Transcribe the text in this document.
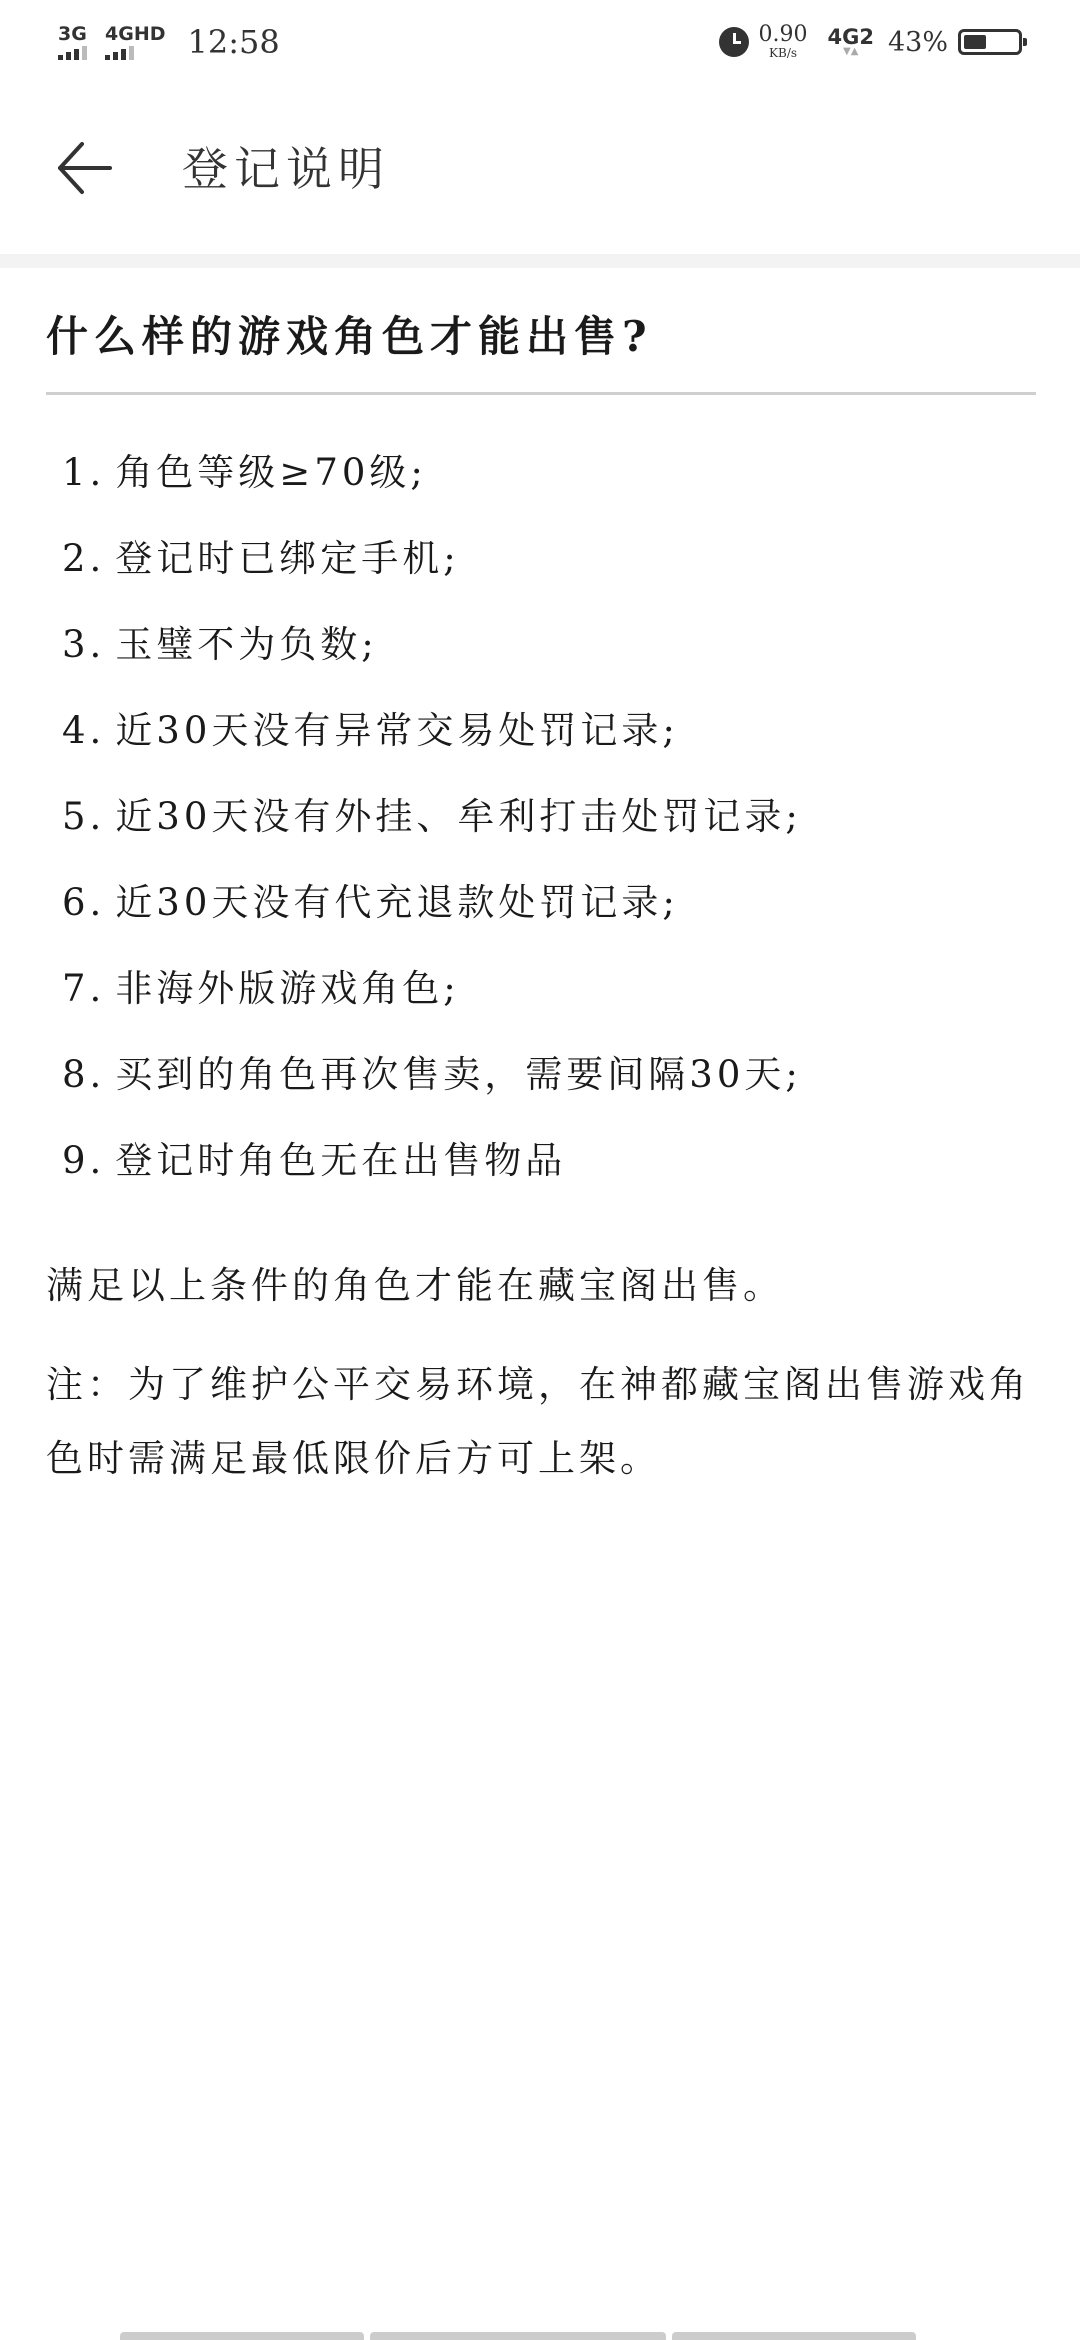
3G 4GHD 12:58	0.90
KB/s
4G2
▼▲ 43%
登记说明
什么样的游戏角色才能出售?
1. 角色等级≥70级;
2. 登记时已绑定手机;
3. 玉璧不为负数;
4. 近30天没有异常交易处罚记录;
5. 近30天没有外挂、牟利打击处罚记录;
6. 近30天没有代充退款处罚记录;
7. 非海外版游戏角色;
8. 买到的角色再次售卖，需要间隔30天;
9. 登记时角色无在出售物品
满足以上条件的角色才能在藏宝阁出售。
注：为了维护公平交易环境，在神都藏宝阁出售游戏角色时需满足最低限价后方可上架。
